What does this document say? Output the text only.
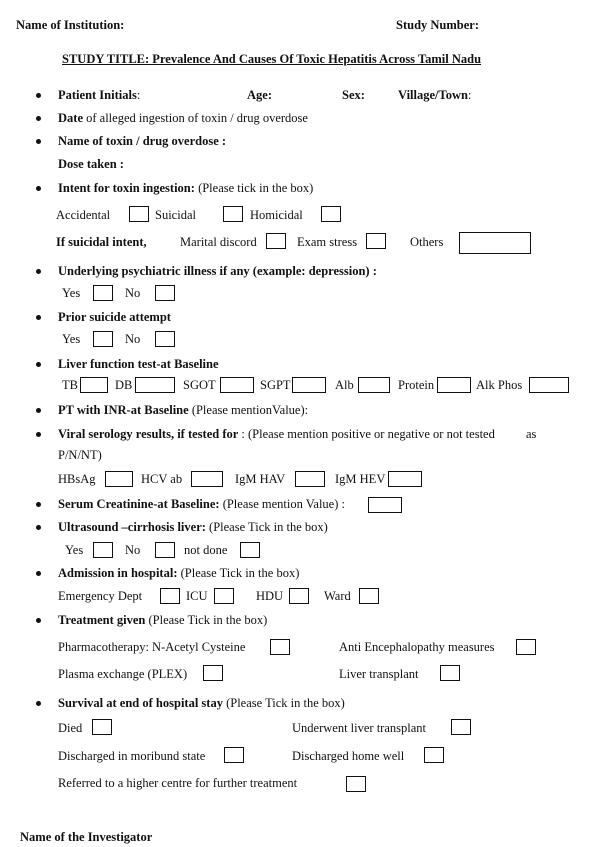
Name of Institution:	Study Number:
STUDY TITLE: Prevalence And Causes Of Toxic Hepatitis Across Tamil Nadu
Patient Initials:	Age:	Sex:	Village/Town:
Date of alleged ingestion of toxin / drug overdose
Name of toxin / drug overdose :
Dose taken :
Intent for toxin ingestion: (Please tick in the box)
Accidental	Suicidal	Homicidal
If suicidal intent,	Marital discord	Exam stress	Others
Underlying psychiatric illness if any (example: depression) :
Yes	No
Prior suicide attempt
Yes	No
Liver function test-at Baseline
TB	DB	SGOT	SGPT	Alb	Protein	Alk Phos
PT with INR-at Baseline (Please mentionValue):
Viral serology results, if tested for : (Please mention positive or negative or not tested as
P/N/NT)
HBsAg	HCV ab	IgM HAV	IgM HEV
Serum Creatinine-at Baseline: (Please mention Value) :
Ultrasound –cirrhosis liver: (Please Tick in the box)
Yes	No	not done
Admission in hospital: (Please Tick in the box)
Emergency Dept	ICU	HDU	Ward
Treatment given (Please Tick in the box)
Pharmacotherapy: N-Acetyl Cysteine	Anti Encephalopathy measures
Plasma exchange (PLEX)	Liver transplant
Survival at end of hospital stay (Please Tick in the box)
Died	Underwent liver transplant
Discharged in moribund state	Discharged home well
Referred to a higher centre for further treatment
Name of the Investigator
